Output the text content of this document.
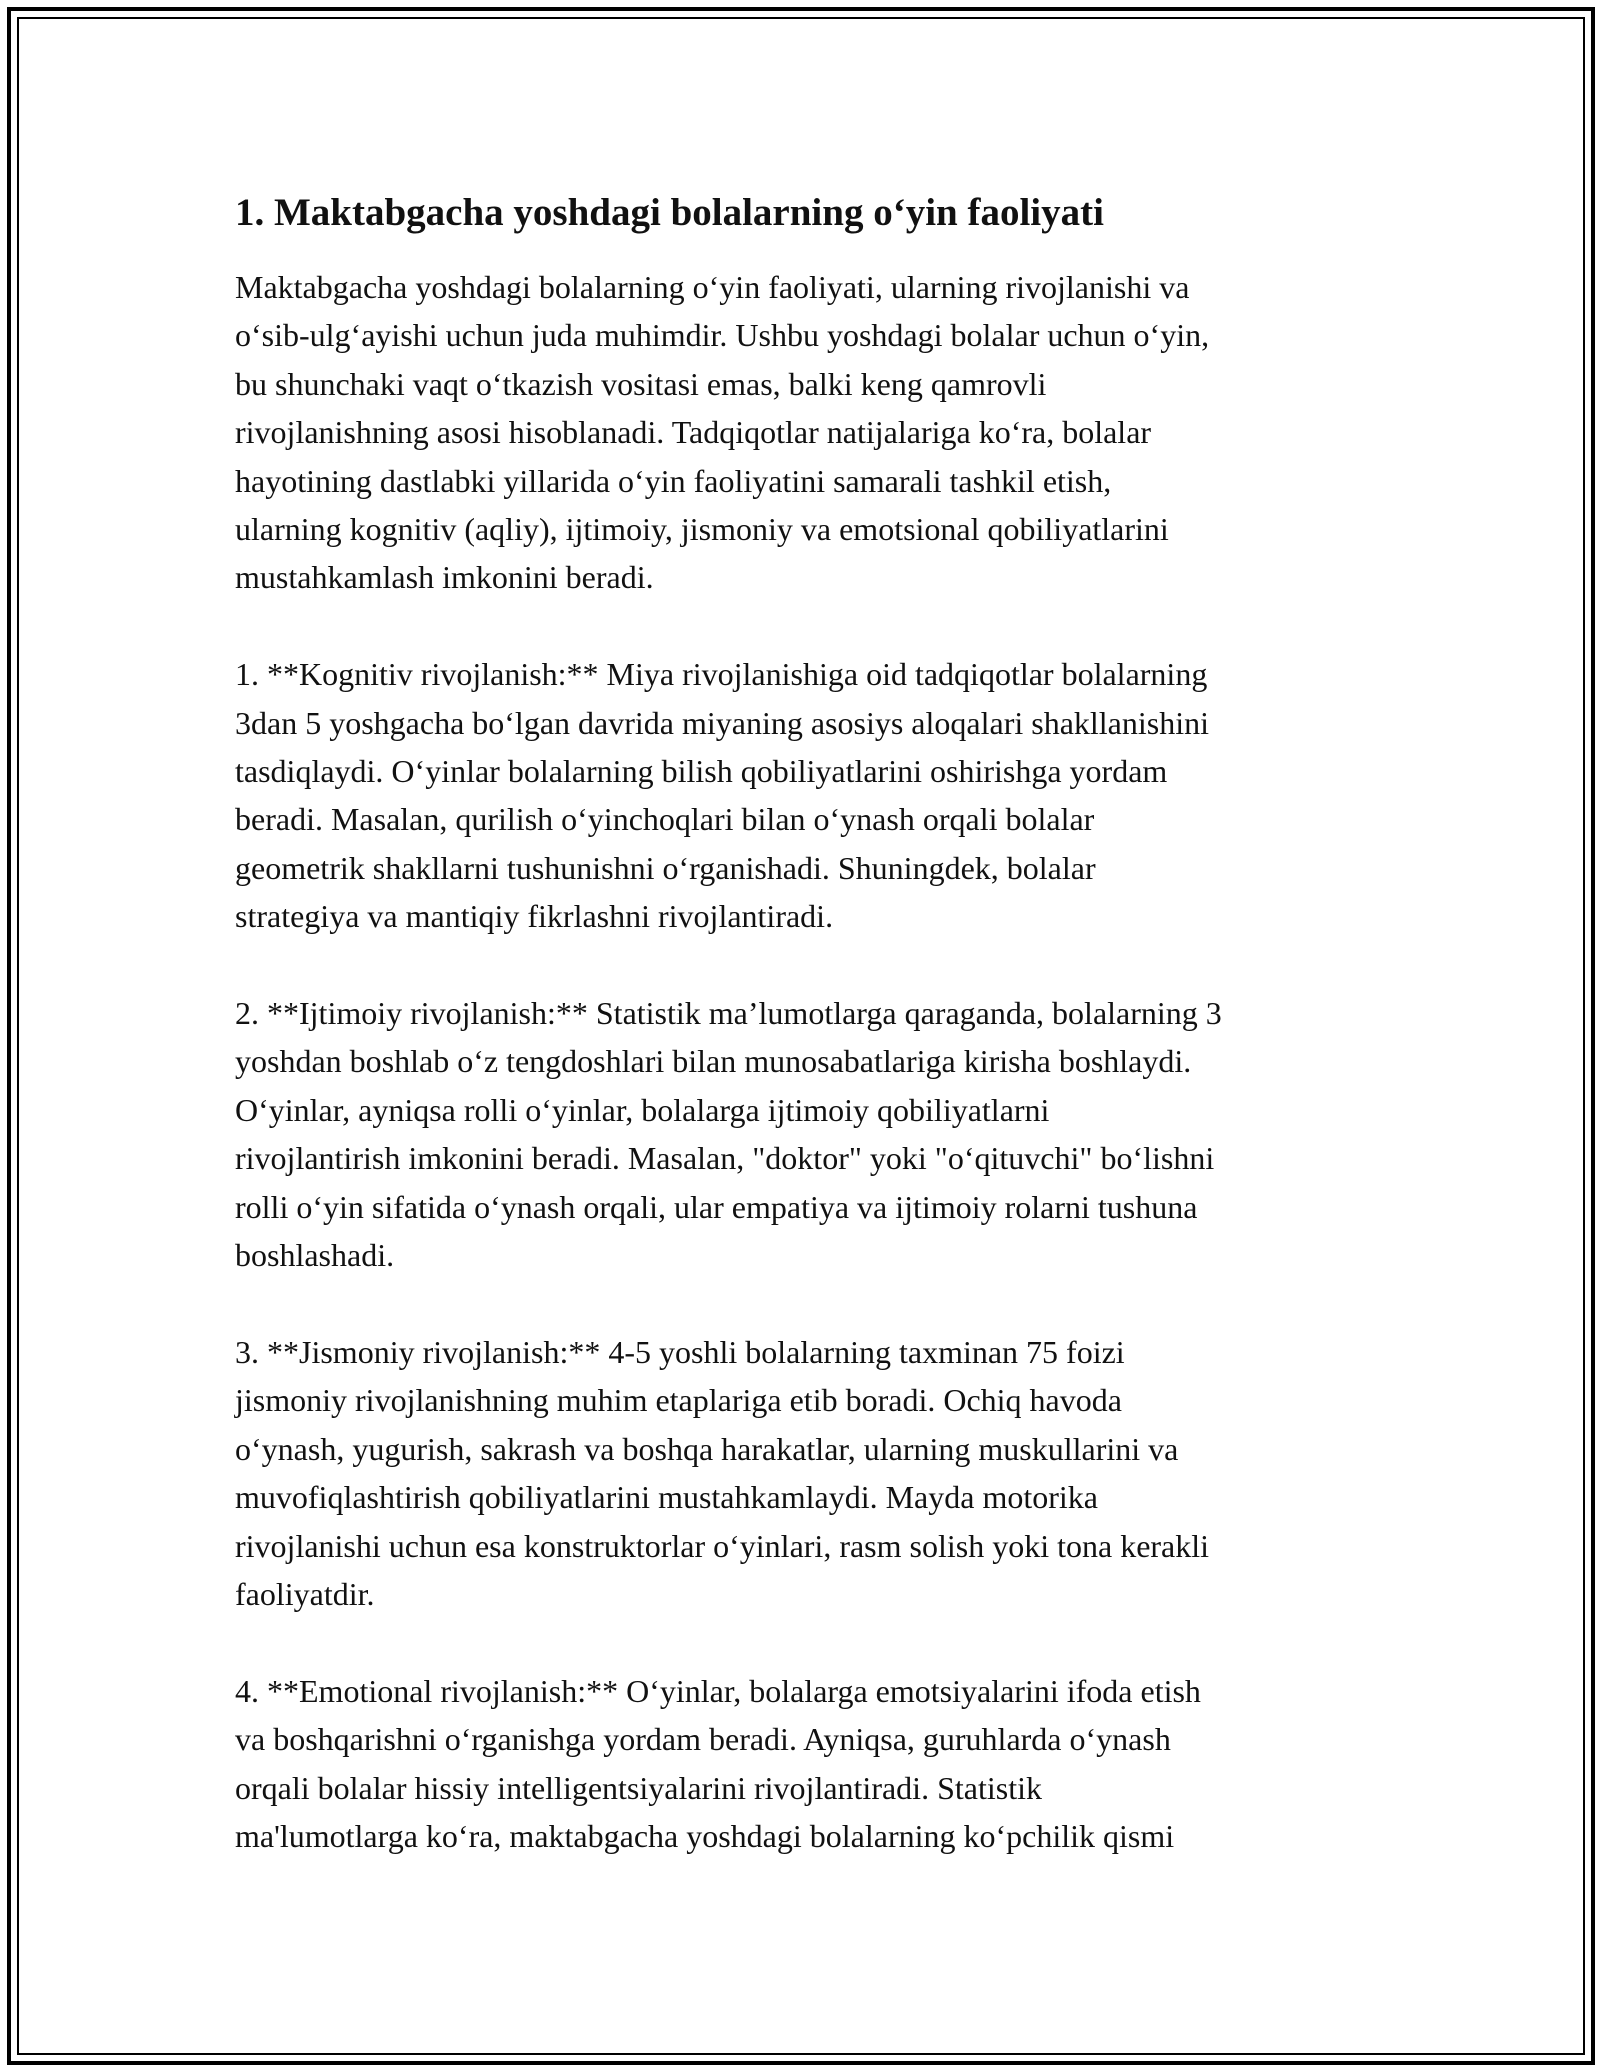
1. Maktabgacha yoshdagi bolalarning o‘yin faoliyati

Maktabgacha yoshdagi bolalarning o‘yin faoliyati, ularning rivojlanishi va
o‘sib-ulg‘ayishi uchun juda muhimdir. Ushbu yoshdagi bolalar uchun o‘yin,
bu shunchaki vaqt o‘tkazish vositasi emas, balki keng qamrovli
rivojlanishning asosi hisoblanadi. Tadqiqotlar natijalariga ko‘ra, bolalar
hayotining dastlabki yillarida o‘yin faoliyatini samarali tashkil etish,
ularning kognitiv (aqliy), ijtimoiy, jismoniy va emotsional qobiliyatlarini
mustahkamlash imkonini beradi.

1. **Kognitiv rivojlanish:** Miya rivojlanishiga oid tadqiqotlar bolalarning
3dan 5 yoshgacha bo‘lgan davrida miyaning asosiys aloqalari shakllanishini
tasdiqlaydi. O‘yinlar bolalarning bilish qobiliyatlarini oshirishga yordam
beradi. Masalan, qurilish o‘yinchoqlari bilan o‘ynash orqali bolalar
geometrik shakllarni tushunishni o‘rganishadi. Shuningdek, bolalar
strategiya va mantiqiy fikrlashni rivojlantiradi.

2. **Ijtimoiy rivojlanish:** Statistik ma’lumotlarga qaraganda, bolalarning 3
yoshdan boshlab o‘z tengdoshlari bilan munosabatlariga kirisha boshlaydi.
O‘yinlar, ayniqsa rolli o‘yinlar, bolalarga ijtimoiy qobiliyatlarni
rivojlantirish imkonini beradi. Masalan, "doktor" yoki "o‘qituvchi" bo‘lishni
rolli o‘yin sifatida o‘ynash orqali, ular empatiya va ijtimoiy rolarni tushuna
boshlashadi.

3. **Jismoniy rivojlanish:** 4-5 yoshli bolalarning taxminan 75 foizi
jismoniy rivojlanishning muhim etaplariga etib boradi. Ochiq havoda
o‘ynash, yugurish, sakrash va boshqa harakatlar, ularning muskullarini va
muvofiqlashtirish qobiliyatlarini mustahkamlaydi. Mayda motorika
rivojlanishi uchun esa konstruktorlar o‘yinlari, rasm solish yoki tona kerakli
faoliyatdir.

4. **Emotional rivojlanish:** O‘yinlar, bolalarga emotsiyalarini ifoda etish
va boshqarishni o‘rganishga yordam beradi. Ayniqsa, guruhlarda o‘ynash
orqali bolalar hissiy intelligentsiyalarini rivojlantiradi. Statistik
ma'lumotlarga ko‘ra, maktabgacha yoshdagi bolalarning ko‘pchilik qismi
